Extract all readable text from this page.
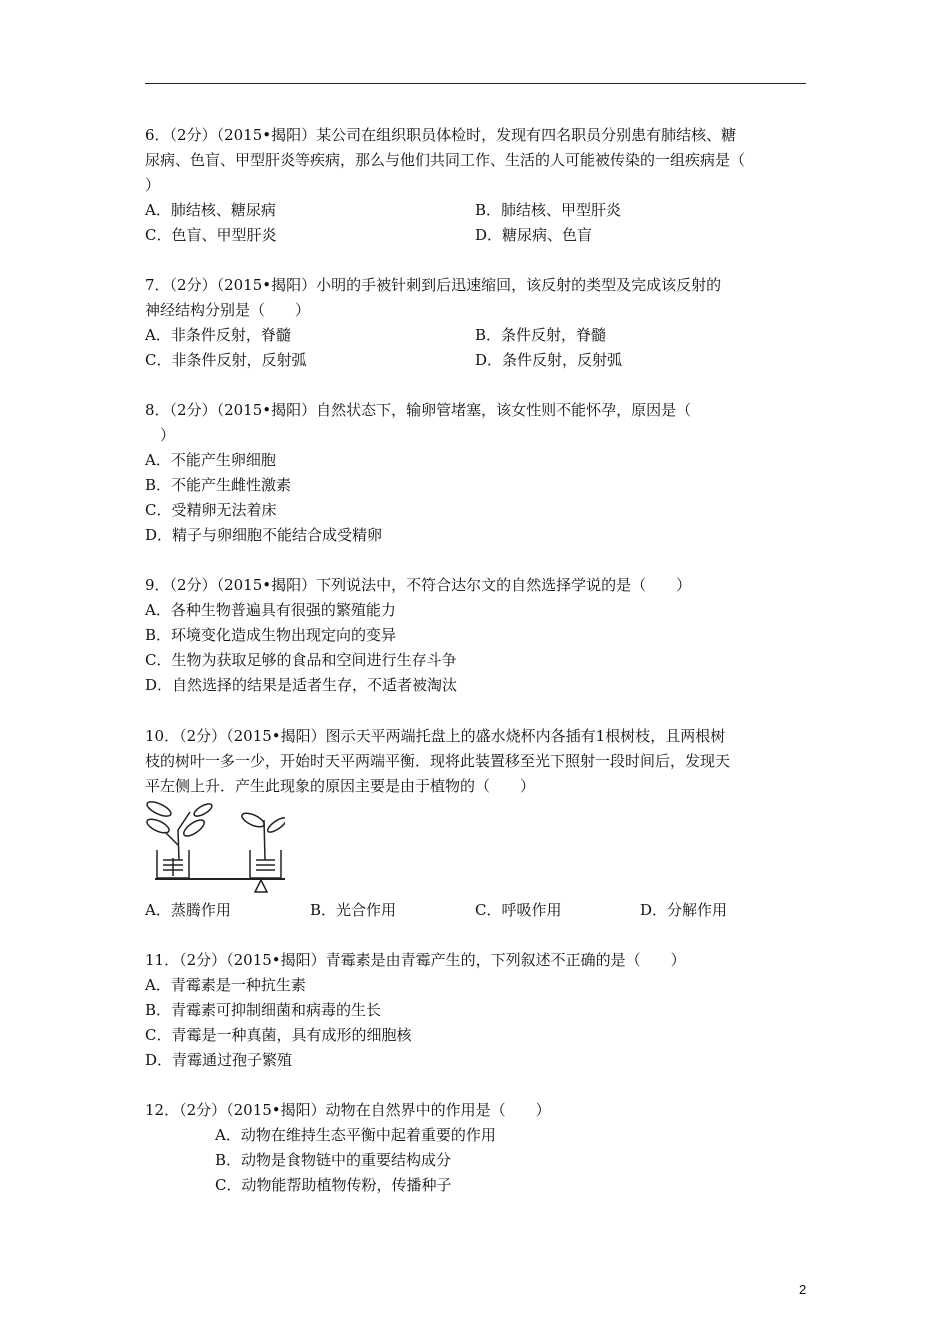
6．（2分）（2015•揭阳）某公司在组织职员体检时，发现有四名职员分别患有肺结核、糖

尿病、色盲、甲型肝炎等疾病，那么与他们共同工作、生活的人可能被传染的一组疾病是（

）

A．肺结核、糖尿病	B．肺结核、甲型肝炎
C．色盲、甲型肝炎	D．糖尿病、色盲

7．（2分）（2015•揭阳）小明的手被针刺到后迅速缩回，该反射的类型及完成该反射的

神经结构分别是（　　）

A．非条件反射，脊髓	B．条件反射，脊髓
C．非条件反射，反射弧	D．条件反射，反射弧

8．（2分）（2015•揭阳）自然状态下，输卵管堵塞，该女性则不能怀孕，原因是（

　）

A．不能产生卵细胞

B．不能产生雌性激素

C．受精卵无法着床

D．精子与卵细胞不能结合成受精卵

9．（2分）（2015•揭阳）下列说法中，不符合达尔文的自然选择学说的是（　　）

A．各种生物普遍具有很强的繁殖能力

B．环境变化造成生物出现定向的变异

C．生物为获取足够的食品和空间进行生存斗争

D．自然选择的结果是适者生存，不适者被淘汰

10．（2分）（2015•揭阳）图示天平两端托盘上的盛水烧杯内各插有1根树枝，且两根树

枝的树叶一多一少，开始时天平两端平衡．现将此装置移至光下照射一段时间后，发现天

平左侧上升．产生此现象的原因主要是由于植物的（　　）

A．蒸腾作用	B．光合作用	C．呼吸作用	D．分解作用

11．（2分）（2015•揭阳）青霉素是由青霉产生的，下列叙述不正确的是（　　）

A．青霉素是一种抗生素

B．青霉素可抑制细菌和病毒的生长

C．青霉是一种真菌，具有成形的细胞核

D．青霉通过孢子繁殖

12．（2分）（2015•揭阳）动物在自然界中的作用是（　　）

A．动物在维持生态平衡中起着重要的作用

B．动物是食物链中的重要结构成分

C．动物能帮助植物传粉，传播种子

2
